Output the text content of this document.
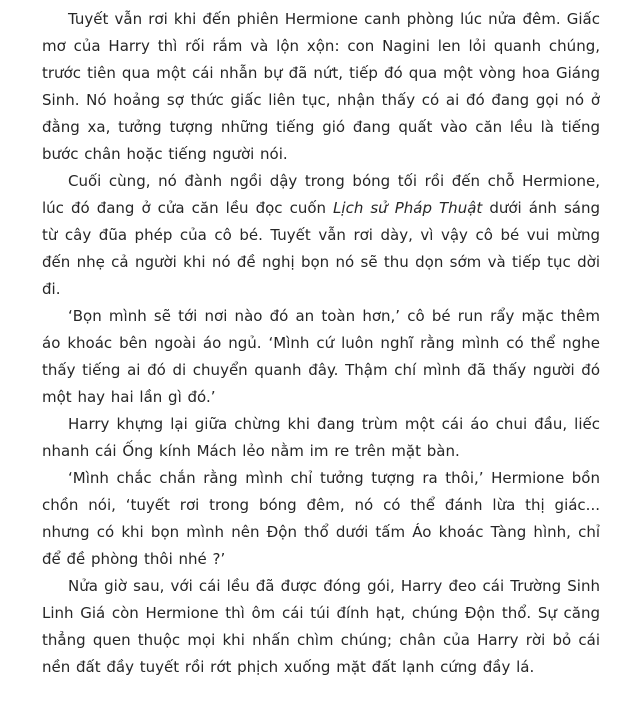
Tuyết vẫn rơi khi đến phiên Hermione canh phòng lúc nửa đêm. Giấc mơ của Harry thì rối rắm và lộn xộn: con Nagini len lỏi quanh chúng, trước tiên qua một cái nhẫn bự đã nứt, tiếp đó qua một vòng hoa Giáng Sinh. Nó hoảng sợ thức giấc liên tục, nhận thấy có ai đó đang gọi nó ở đằng xa, tưởng tượng những tiếng gió đang quất vào căn lều là tiếng bước chân hoặc tiếng người nói.

Cuối cùng, nó đành ngồi dậy trong bóng tối rồi đến chỗ Hermione, lúc đó đang ở cửa căn lều đọc cuốn Lịch sử Pháp Thuật dưới ánh sáng từ cây đũa phép của cô bé. Tuyết vẫn rơi dày, vì vậy cô bé vui mừng đến nhẹ cả người khi nó đề nghị bọn nó sẽ thu dọn sớm và tiếp tục dời đi.

‘Bọn mình sẽ tới nơi nào đó an toàn hơn,’ cô bé run rẩy mặc thêm áo khoác bên ngoài áo ngủ. ‘Mình cứ luôn nghĩ rằng mình có thể nghe thấy tiếng ai đó di chuyển quanh đây. Thậm chí mình đã thấy người đó một hay hai lần gì đó.’

Harry khựng lại giữa chừng khi đang trùm một cái áo chui đầu, liếc nhanh cái Ống kính Mách lẻo nằm im re trên mặt bàn.

‘Mình chắc chắn rằng mình chỉ tưởng tượng ra thôi,’ Hermione bồn chồn nói, ‘tuyết rơi trong bóng đêm, nó có thể đánh lừa thị giác... nhưng có khi bọn mình nên Độn thổ dưới tấm Áo khoác Tàng hình, chỉ để đề phòng thôi nhé ?’

Nửa giờ sau, với cái lều đã được đóng gói, Harry đeo cái Trường Sinh Linh Giá còn Hermione thì ôm cái túi đính hạt, chúng Độn thổ. Sự căng thẳng quen thuộc mọi khi nhấn chìm chúng; chân của Harry rời bỏ cái nền đất đầy tuyết rồi rớt phịch xuống mặt đất lạnh cứng đầy lá.
